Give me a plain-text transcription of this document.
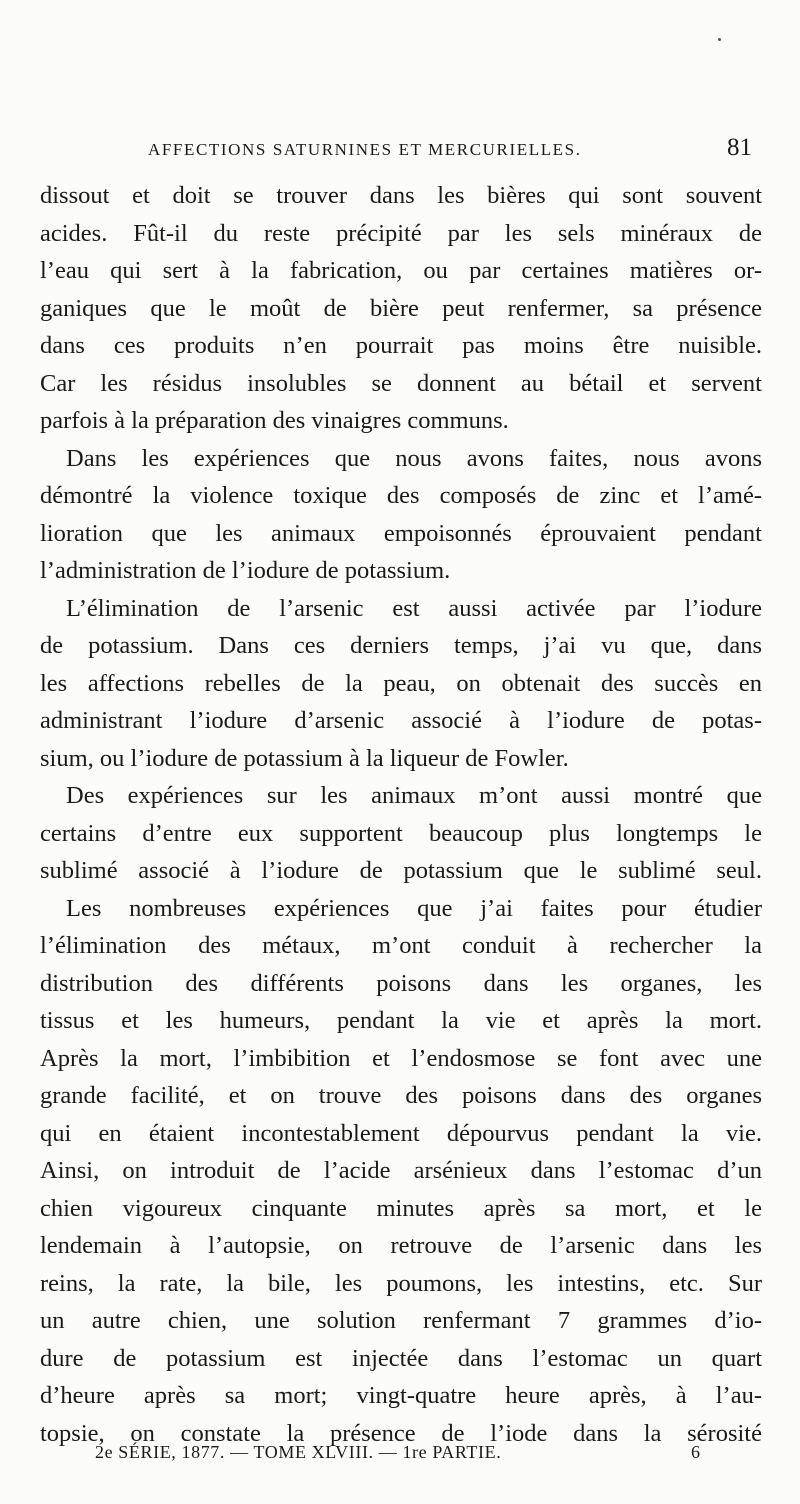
AFFECTIONS SATURNINES ET MERCURIELLES.	81
dissout et doit se trouver dans les bières qui sont souvent
acides. Fût-il du reste précipité par les sels minéraux de
l’eau qui sert à la fabrication, ou par certaines matières or-
ganiques que le moût de bière peut renfermer, sa présence
dans ces produits n’en pourrait pas moins être nuisible.
Car les résidus insolubles se donnent au bétail et servent
parfois à la préparation des vinaigres communs.
Dans les expériences que nous avons faites, nous avons
démontré la violence toxique des composés de zinc et l’amé-
lioration que les animaux empoisonnés éprouvaient pendant
l’administration de l’iodure de potassium.
L’élimination de l’arsenic est aussi activée par l’iodure
de potassium. Dans ces derniers temps, j’ai vu que, dans
les affections rebelles de la peau, on obtenait des succès en
administrant l’iodure d’arsenic associé à l’iodure de potas-
sium, ou l’iodure de potassium à la liqueur de Fowler.
Des expériences sur les animaux m’ont aussi montré que
certains d’entre eux supportent beaucoup plus longtemps le
sublimé associé à l’iodure de potassium que le sublimé seul.
Les nombreuses expériences que j’ai faites pour étudier
l’élimination des métaux, m’ont conduit à rechercher la
distribution des différents poisons dans les organes, les
tissus et les humeurs, pendant la vie et après la mort.
Après la mort, l’imbibition et l’endosmose se font avec une
grande facilité, et on trouve des poisons dans des organes
qui en étaient incontestablement dépourvus pendant la vie.
Ainsi, on introduit de l’acide arsénieux dans l’estomac d’un
chien vigoureux cinquante minutes après sa mort, et le
lendemain à l’autopsie, on retrouve de l’arsenic dans les
reins, la rate, la bile, les poumons, les intestins, etc. Sur
un autre chien, une solution renfermant 7 grammes d’io-
dure de potassium est injectée dans l’estomac un quart
d’heure après sa mort; vingt-quatre heure après, à l’au-
topsie, on constate la présence de l’iode dans la sérosité
2e SÉRIE, 1877. — TOME XLVIII. — 1re PARTIE.	6
